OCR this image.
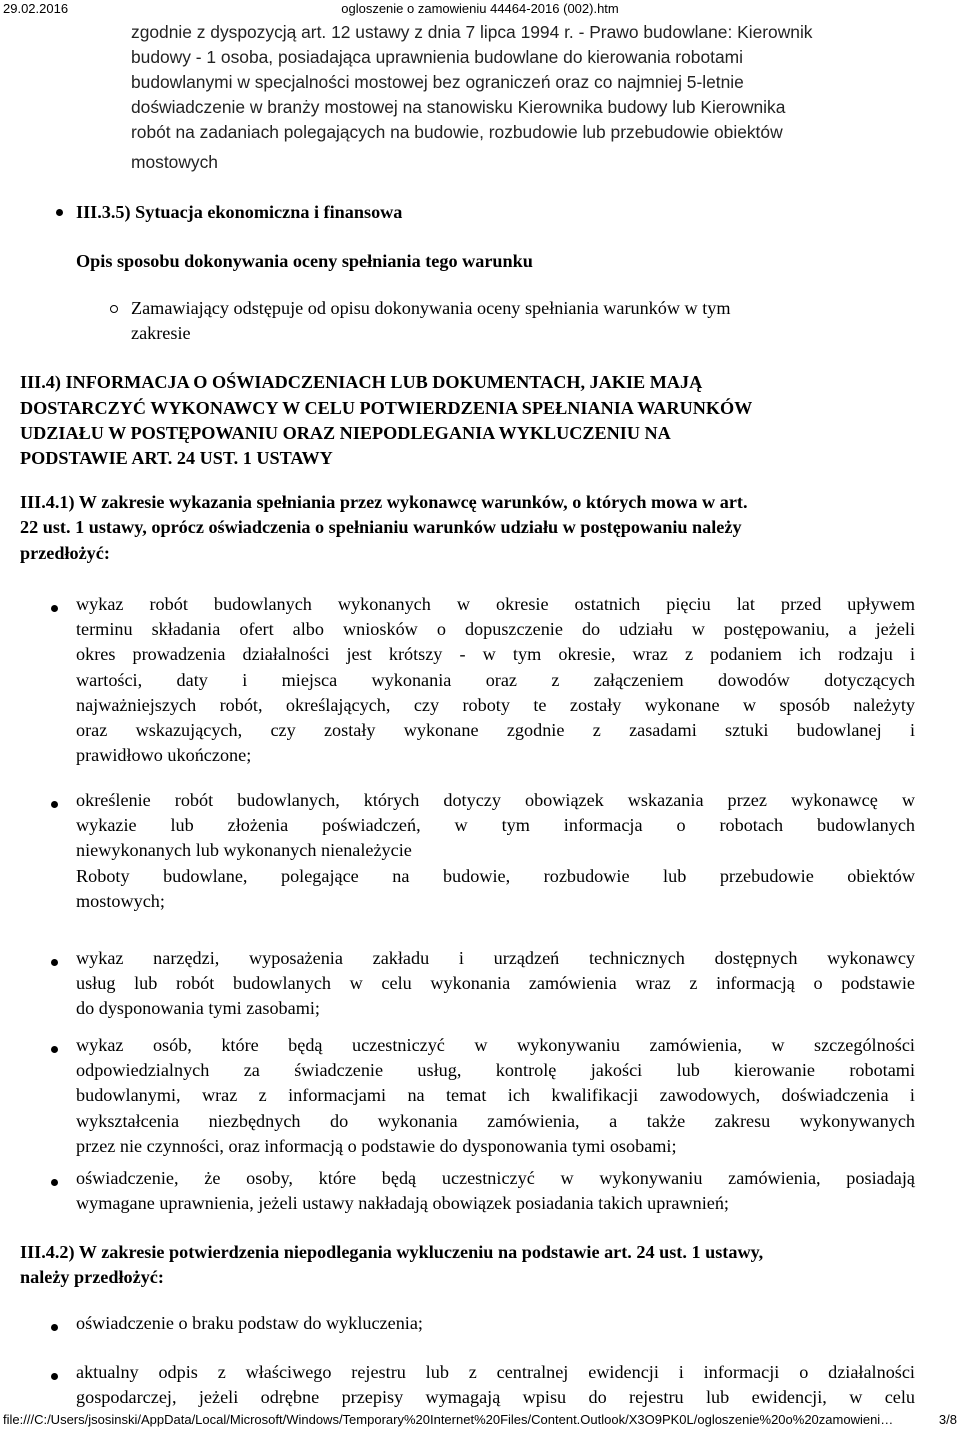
29.02.2016	ogloszenie o zamowieniu 44464-2016 (002).htm
zgodnie z dyspozycją art. 12 ustawy z dnia 7 lipca 1994 r. - Prawo budowlane: Kierownik
budowy - 1 osoba, posiadająca uprawnienia budowlane do kierowania robotami
budowlanymi w specjalności mostowej bez ograniczeń oraz co najmniej 5-letnie
doświadczenie w branży mostowej na stanowisku Kierownika budowy lub Kierownika
robót na zadaniach polegających na budowie, rozbudowie lub przebudowie obiektów
mostowych
III.3.5) Sytuacja ekonomiczna i finansowa
Opis sposobu dokonywania oceny spełniania tego warunku
Zamawiający odstępuje od opisu dokonywania oceny spełniania warunków w tym
zakresie
III.4) INFORMACJA O OŚWIADCZENIACH LUB DOKUMENTACH, JAKIE MAJĄ
DOSTARCZYĆ WYKONAWCY W CELU POTWIERDZENIA SPEŁNIANIA WARUNKÓW
UDZIAŁU W POSTĘPOWANIU ORAZ NIEPODLEGANIA WYKLUCZENIU NA
PODSTAWIE ART. 24 UST. 1 USTAWY
III.4.1) W zakresie wykazania spełniania przez wykonawcę warunków, o których mowa w art.
22 ust. 1 ustawy, oprócz oświadczenia o spełnianiu warunków udziału w postępowaniu należy
przedłożyć:

wykaz robót budowlanych wykonanych w okresie ostatnich pięciu lat przed upływem

terminu składania ofert albo wniosków o dopuszczenie do udziału w postępowaniu, a jeżeli

okres prowadzenia działalności jest krótszy - w tym okresie, wraz z podaniem ich rodzaju i

wartości, daty i miejsca wykonania oraz z załączeniem dowodów dotyczących

najważniejszych robót, określających, czy roboty te zostały wykonane w sposób należyty

oraz wskazujących, czy zostały wykonane zgodnie z zasadami sztuki budowlanej i

prawidłowo ukończone;

określenie robót budowlanych, których dotyczy obowiązek wskazania przez wykonawcę w

wykazie lub złożenia poświadczeń, w tym informacja o robotach budowlanych

niewykonanych lub wykonanych nienależycie

Roboty budowlane, polegające na budowie, rozbudowie lub przebudowie obiektów

mostowych;

wykaz narzędzi, wyposażenia zakładu i urządzeń technicznych dostępnych wykonawcy

usług lub robót budowlanych w celu wykonania zamówienia wraz z informacją o podstawie

do dysponowania tymi zasobami;

wykaz osób, które będą uczestniczyć w wykonywaniu zamówienia, w szczególności

odpowiedzialnych za świadczenie usług, kontrolę jakości lub kierowanie robotami

budowlanymi, wraz z informacjami na temat ich kwalifikacji zawodowych, doświadczenia i

wykształcenia niezbędnych do wykonania zamówienia, a także zakresu wykonywanych

przez nie czynności, oraz informacją o podstawie do dysponowania tymi osobami;

oświadczenie, że osoby, które będą uczestniczyć w wykonywaniu zamówienia, posiadają

wymagane uprawnienia, jeżeli ustawy nakładają obowiązek posiadania takich uprawnień;

III.4.2) W zakresie potwierdzenia niepodlegania wykluczeniu na podstawie art. 24 ust. 1 ustawy,
należy przedłożyć:
oświadczenie o braku podstaw do wykluczenia;

aktualny odpis z właściwego rejestru lub z centralnej ewidencji i informacji o działalności

gospodarczej, jeżeli odrębne przepisy wymagają wpisu do rejestru lub ewidencji, w celu

file:///C:/Users/jsosinski/AppData/Local/Microsoft/Windows/Temporary%20Internet%20Files/Content.Outlook/X3O9PK0L/ogloszenie%20o%20zamowieni…	3/8
